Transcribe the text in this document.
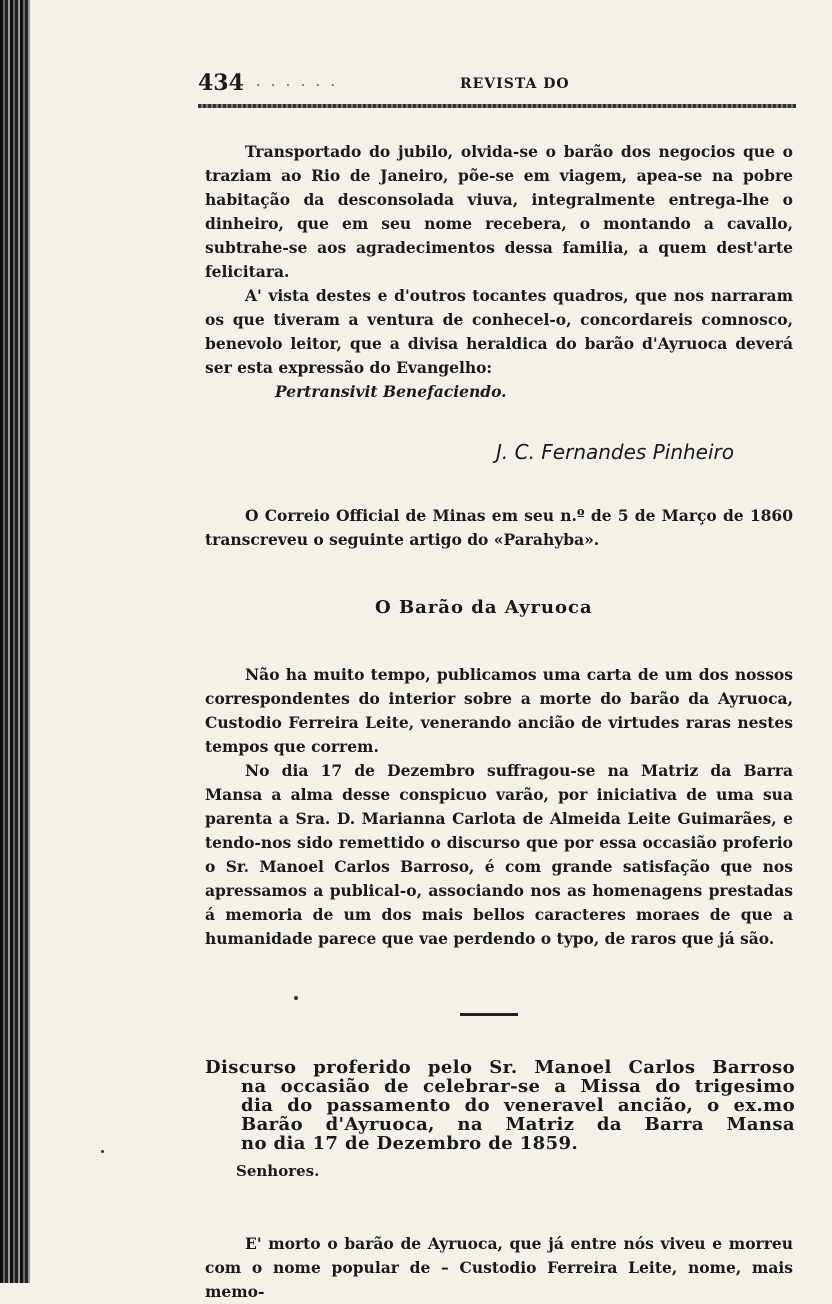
434 . . . . . .	REVISTA DO

Transportado do jubilo, olvida-se o barão dos negocios que o traziam ao Rio de Janeiro, põe-se em viagem, apea-se na pobre habitação da desconsolada viuva, integralmente entrega-lhe o dinheiro, que em seu nome recebera, o montando a cavallo, subtrahe-se aos agradecimentos dessa familia, a quem dest'arte felicitara.

A' vista destes e d'outros tocantes quadros, que nos narraram os que tiveram a ventura de conhecel-o, concordareis comnosco, benevolo leitor, que a divisa heraldica do barão d'Ayruoca deverá ser esta expressão do Evangelho:

Pertransivit Benefaciendo.

J. C. Fernandes Pinheiro

O Correio Official de Minas em seu n.º de 5 de Março de 1860 transcreveu o seguinte artigo do «Parahyba».

O Barão da Ayruoca

Não ha muito tempo, publicamos uma carta de um dos nossos correspondentes do interior sobre a morte do barão da Ayruoca, Custodio Ferreira Leite, venerando ancião de virtudes raras nestes tempos que correm.

No dia 17 de Dezembro suffragou-se na Matriz da Barra Mansa a alma desse conspicuo varão, por iniciativa de uma sua parenta a Sra. D. Marianna Carlota de Almeida Leite Guimarães, e tendo-nos sido remettido o discurso que por essa occasião proferio o Sr. Manoel Carlos Barroso, é com grande satisfação que nos apressamos a publical-o, associando nos as homenagens prestadas á memoria de um dos mais bellos caracteres moraes de que a humanidade parece que vae perdendo o typo, de raros que já são.

Discurso proferido pelo Sr. Manoel Carlos Barroso
na occasião de celebrar-se a Missa do trigesimo
dia do passamento do veneravel ancião, o ex.mo
Barão d'Ayruoca, na Matriz da Barra Mansa
no dia 17 de Dezembro de 1859.
Senhores.

E' morto o barão de Ayruoca, que já entre nós viveu e morreu com o nome popular de – Custodio Ferreira Leite, nome, mais memo-
